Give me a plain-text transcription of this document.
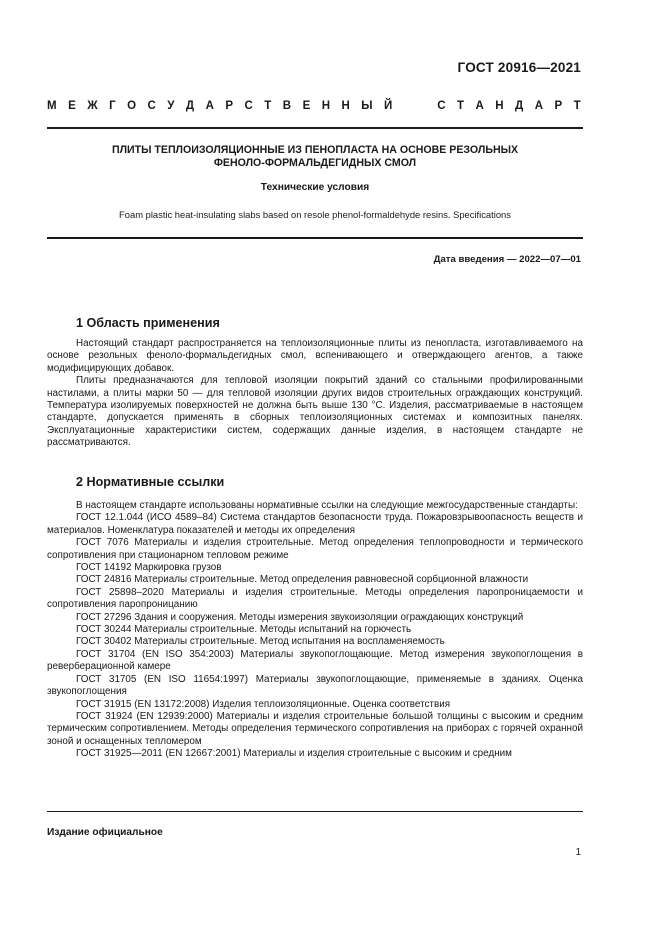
ГОСТ 20916—2021
М Е Ж Г О С У Д А Р С Т В Е Н Н Ы Й	С Т А Н Д А Р Т
ПЛИТЫ ТЕПЛОИЗОЛЯЦИОННЫЕ ИЗ ПЕНОПЛАСТА НА ОСНОВЕ РЕЗОЛЬНЫХ
ФЕНОЛО-ФОРМАЛЬДЕГИДНЫХ СМОЛ
Технические условия
Foam plastic heat-insulating slabs based on resole phenol-formaldehyde resins. Specifications
Дата введения — 2022—07—01
1 Область применения

Настоящий стандарт распространяется на теплоизоляционные плиты из пенопласта, изготавливаемого на основе резольных феноло-формальдегидных смол, вспенивающего и отверждающего агентов, а также модифицирующих добавок.

Плиты предназначаются для тепловой изоляции покрытий зданий со стальными профилированными настилами, а плиты марки 50 — для тепловой изоляции других видов строительных ограждающих конструкций. Температура изолируемых поверхностей не должна быть выше 130 °С. Изделия, рассматриваемые в настоящем стандарте, допускается применять в сборных теплоизоляционных системах и композитных панелях. Эксплуатационные характеристики систем, содержащих данные изделия, в настоящем стандарте не рассматриваются.

2 Нормативные ссылки

В настоящем стандарте использованы нормативные ссылки на следующие межгосударственные стандарты:

ГОСТ 12.1.044 (ИСО 4589–84) Система стандартов безопасности труда. Пожаровзрывоопасность веществ и материалов. Номенклатура показателей и методы их определения

ГОСТ 7076 Материалы и изделия строительные. Метод определения теплопроводности и термического сопротивления при стационарном тепловом режиме

ГОСТ 14192 Маркировка грузов

ГОСТ 24816 Материалы строительные. Метод определения равновесной сорбционной влажности

ГОСТ 25898–2020 Материалы и изделия строительные. Методы определения паропроницаемости и сопротивления паропроницанию

ГОСТ 27296 Здания и сооружения. Методы измерения звукоизоляции ограждающих конструкций

ГОСТ 30244 Материалы строительные. Методы испытаний на горючесть

ГОСТ 30402 Материалы строительные. Метод испытания на воспламеняемость

ГОСТ 31704 (EN ISO 354:2003) Материалы звукопоглощающие. Метод измерения звукопоглощения в реверберационной камере

ГОСТ 31705 (EN ISO 11654:1997) Материалы звукопоглощающие, применяемые в зданиях. Оценка звукопоглощения

ГОСТ 31915 (EN 13172:2008) Изделия теплоизоляционные. Оценка соответствия

ГОСТ 31924 (EN 12939:2000) Материалы и изделия строительные большой толщины с высоким и средним термическим сопротивлением. Методы определения термического сопротивления на приборах с горячей охранной зоной и оснащенных тепломером

ГОСТ 31925—2011 (EN 12667:2001) Материалы и изделия строительные с высоким и средним

Издание официальное
1
